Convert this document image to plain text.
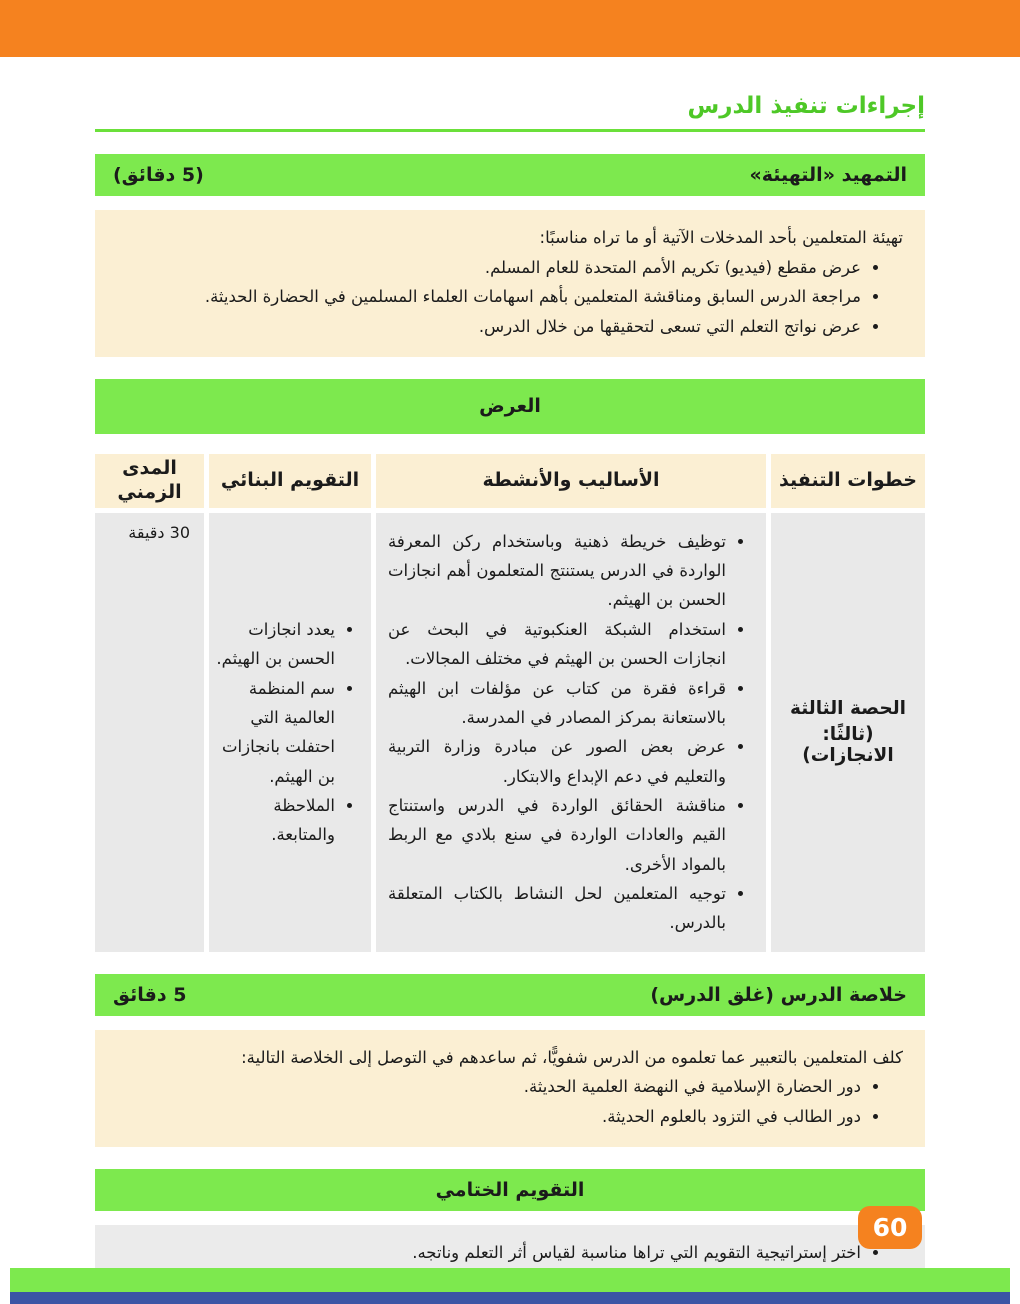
إجراءات تنفيذ الدرس
التمهيد «التهيئة»
(5 دقائق)

تهيئة المتعلمين بأحد المدخلات الآتية أو ما تراه مناسبًا:

• عرض مقطع (فيديو) تكريم الأمم المتحدة للعام المسلم.
• مراجعة الدرس السابق ومناقشة المتعلمين بأهم اسهامات العلماء المسلمين في الحضارة الحديثة.
• عرض نواتج التعلم التي تسعى لتحقيقها من خلال الدرس.
العرض
خطوات التنفيذ
الأساليب والأنشطة
التقويم البنائي
المدى الزمني
الحصة الثالثة
(ثالثًا: الانجازات)
• توظيف خريطة ذهنية وباستخدام ركن المعرفة الواردة في الدرس يستنتج المتعلمون أهم انجازات الحسن بن الهيثم.
• استخدام الشبكة العنكبوتية في البحث عن انجازات الحسن بن الهيثم في مختلف المجالات.
• قراءة فقرة من كتاب عن مؤلفات ابن الهيثم بالاستعانة بمركز المصادر في المدرسة.
• عرض بعض الصور عن مبادرة وزارة التربية والتعليم في دعم الإبداع والابتكار.
• مناقشة الحقائق الواردة في الدرس واستنتاج القيم والعادات الواردة في سنع بلادي مع الربط بالمواد الأخرى.
• توجيه المتعلمين لحل النشاط بالكتاب المتعلقة بالدرس.
• يعدد انجازات الحسن بن الهيثم.
• سم المنظمة العالمية التي احتفلت بانجازات بن الهيثم.
• الملاحظة والمتابعة.
30 دقيقة
خلاصة الدرس (غلق الدرس)
5 دقائق

كلف المتعلمين بالتعبير عما تعلموه من الدرس شفويًّا، ثم ساعدهم في التوصل إلى الخلاصة التالية:

• دور الحضارة الإسلامية في النهضة العلمية الحديثة.
• دور الطالب في التزود بالعلوم الحديثة.
التقويم الختامي
• اختر إستراتيجية التقويم التي تراها مناسبة لقياس أثر التعلم وناتجه.
•
60
